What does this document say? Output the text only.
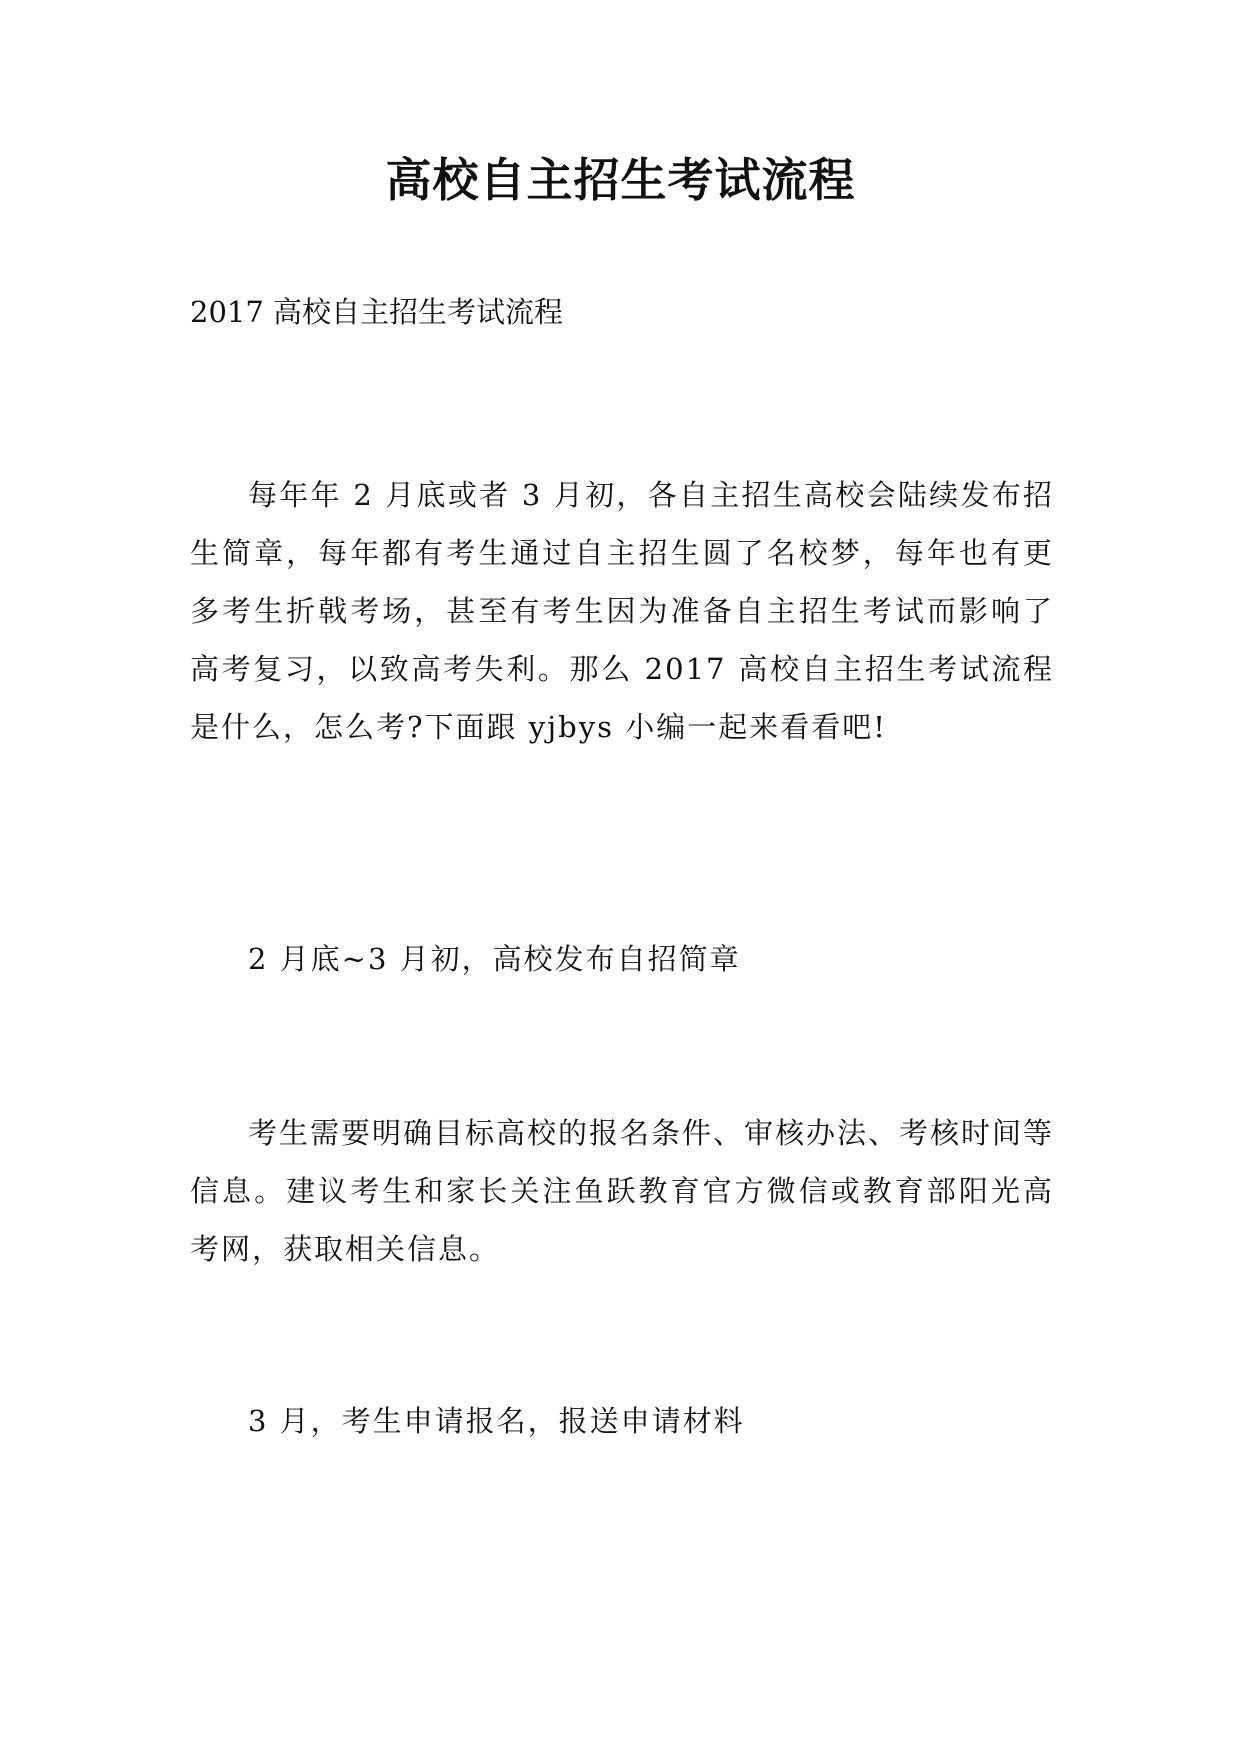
高校自主招生考试流程
2017 高校自主招生考试流程

每年年 2 月底或者 3 月初，各自主招生高校会陆续发布招生简章，每年都有考生通过自主招生圆了名校梦，每年也有更多考生折戟考场，甚至有考生因为准备自主招生考试而影响了高考复习，以致高考失利。那么 2017 高校自主招生考试流程是什么，怎么考?下面跟 yjbys 小编一起来看看吧!

2 月底~3 月初，高校发布自招简章

考生需要明确目标高校的报名条件、审核办法、考核时间等信息。建议考生和家长关注鱼跃教育官方微信或教育部阳光高考网，获取相关信息。

3 月，考生申请报名，报送申请材料
